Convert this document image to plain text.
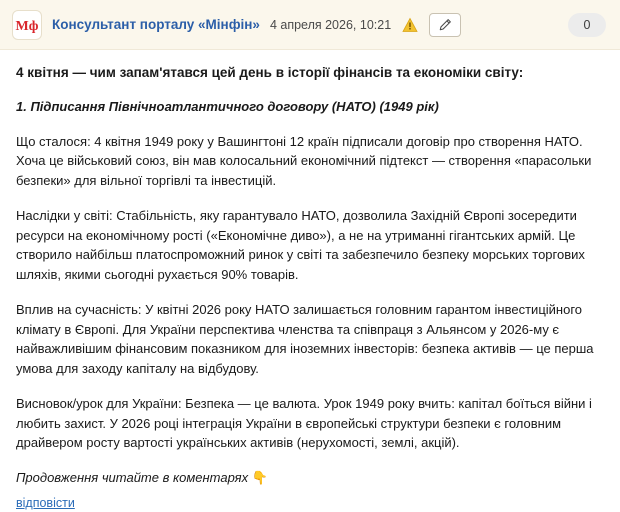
Мф Консультант порталу «Мінфін» 4 апреля 2026, 10:21	0

4 квітня — чим запам'ятався цей день в історії фінансів та економіки світу:

1. Підписання Північноатлантичного договору (НАТО) (1949 рік)

Що сталося: 4 квітня 1949 року у Вашингтоні 12 країн підписали договір про створення НАТО. Хоча це військовий союз, він мав колосальний економічний підтекст — створення «парасольки безпеки» для вільної торгівлі та інвестицій.

Наслідки у світі: Стабільність, яку гарантувало НАТО, дозволила Західній Європі зосередити ресурси на економічному рості («Економічне диво»), а не на утриманні гігантських армій. Це створило найбільш платоспроможний ринок у світі та забезпечило безпеку морських торгових шляхів, якими сьогодні рухається 90% товарів.

Вплив на сучасність: У квітні 2026 року НАТО залишається головним гарантом інвестиційного клімату в Європі. Для України перспектива членства та співпраця з Альянсом у 2026-му є найважливішим фінансовим показником для іноземних інвесторів: безпека активів — це перша умова для заходу капіталу на відбудову.

Висновок/урок для України: Безпека — це валюта. Урок 1949 року вчить: капітал боїться війни і любить захист. У 2026 році інтеграція України в європейські структури безпеки є головним драйвером росту вартості українських активів (нерухомості, землі, акцій).

Продовження читайте в коментарях 👇

відповісти
